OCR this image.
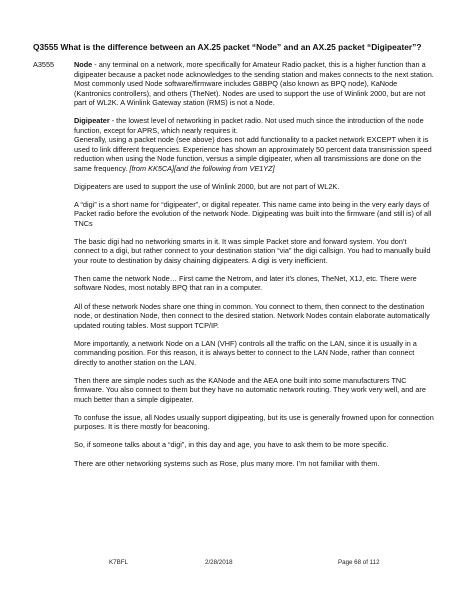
Q3555 What is the difference between an AX.25 packet “Node” and an AX.25 packet “Digipeater”?
A3555	Node - any terminal on a network, more specifically for Amateur Radio packet, this is a higher function than a digipeater because a packet node acknowledges to the sending station and makes connects to the next station. Most commonly used Node software/firmware includes G8BPQ (also known as BPQ node), KaNode (Kantronics controllers), and others (TheNet). Nodes are used to support the use of Winlink 2000, but are not part of WL2K. A Winlink Gateway station (RMS) is not a Node.

Digipeater - the lowest level of networking in packet radio. Not used much since the introduction of the node function, except for APRS, which nearly requires it.
Generally, using a packet node (see above) does not add functionality to a packet network EXCEPT when it is used to link different frequencies. Experience has shown an approximately 50 percent data transmission speed reduction when using the Node function, versus a simple digipeater, when all transmissions are done on the same frequency. [from KK5CA][and the following from VE1YZ]

Digipeaters are used to support the use of Winlink 2000, but are not part of WL2K.

A “digi” is a short name for “digipeater”, or digital repeater. This name came into being in the very early days of Packet radio before the evolution of the network Node. Digipeating was built into the firmware (and still is) of all TNCs

The basic digi had no networking smarts in it. It was simple Packet store and forward system. You don’t connect to a digi, but rather connect to your destination station “via” the digi callsign. You had to manually build your route to destination by daisy chaining digipeaters. A digi is very inefficient.

Then came the network Node… First came the Netrom, and later it’s clones, TheNet, X1J, etc. There were software Nodes, most notably BPQ that ran in a computer.

All of these network Nodes share one thing in common. You connect to them, then connect to the destination node, or destination Node, then connect to the desired station. Network Nodes contain elaborate automatically updated routing tables. Most support TCP/IP.

More importantly, a network Node on a LAN (VHF) controls all the traffic on the LAN, since it is usually in a commanding position. For this reason, it is always better to connect to the LAN Node, rather than connect directly to another station on the LAN.

Then there are simple nodes such as the KANode and the AEA one built into some manufacturers TNC firmware. You also connect to them but they have no automatic network routing. They work very well, and are much better than a simple digipeater.

To confuse the issue, all Nodes usually support digipeating, but its use is generally frowned upon for connection purposes. It is there mostly for beaconing.

So, if someone talks about a “digi”, in this day and age, you have to ask them to be more specific.

There are other networking systems such as Rose, plus many more. I’m not familiar with them.

K7BFL	2/28/2018	Page 68 of 112
